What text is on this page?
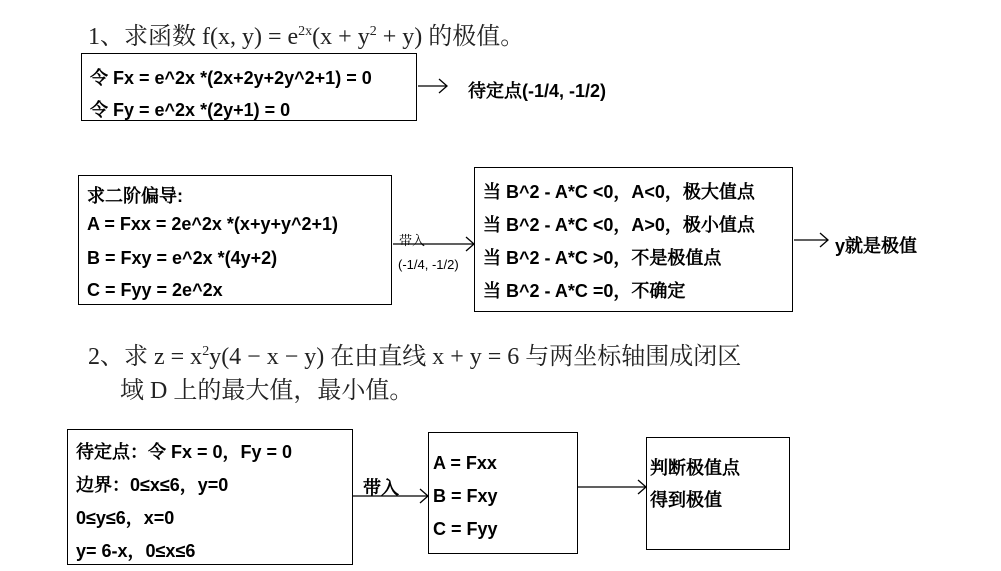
1、求函数 f(x, $y) = e^{2x}(x + y^2 + y)$ 的极值。
令 Fx = e^2x *(2x+2y+2y^2+1) = 0
令 Fy = e^2x *(2y+1) = 0
待定点(-1/4, -1/2)
求二阶偏导:
A = Fxx = 2e^2x *(x+y+y^2+1)
B = Fxy = e^2x *(4y+2)
C = Fyy = 2e^2x
带入
(-1/4, -1/2)
当 B^2 - A*C <0，A<0，极大值点
当 B^2 - A*C <0，A>0，极小值点
当 B^2 - A*C >0，不是极值点
当 B^2 - A*C =0，不确定
y就是极值
2、求 $z = x^2y(4 - x - y)$ 在由直线 x + y = 6 与两坐标轴围成闭区
域 D 上的最大值，最小值。
待定点：令 Fx = 0，Fy = 0
边界：0≤x≤6，y=0
0≤y≤6，x=0
y= 6-x，0≤x≤6
带入
A = Fxx
B = Fxy
C = Fyy
判断极值点
得到极值
